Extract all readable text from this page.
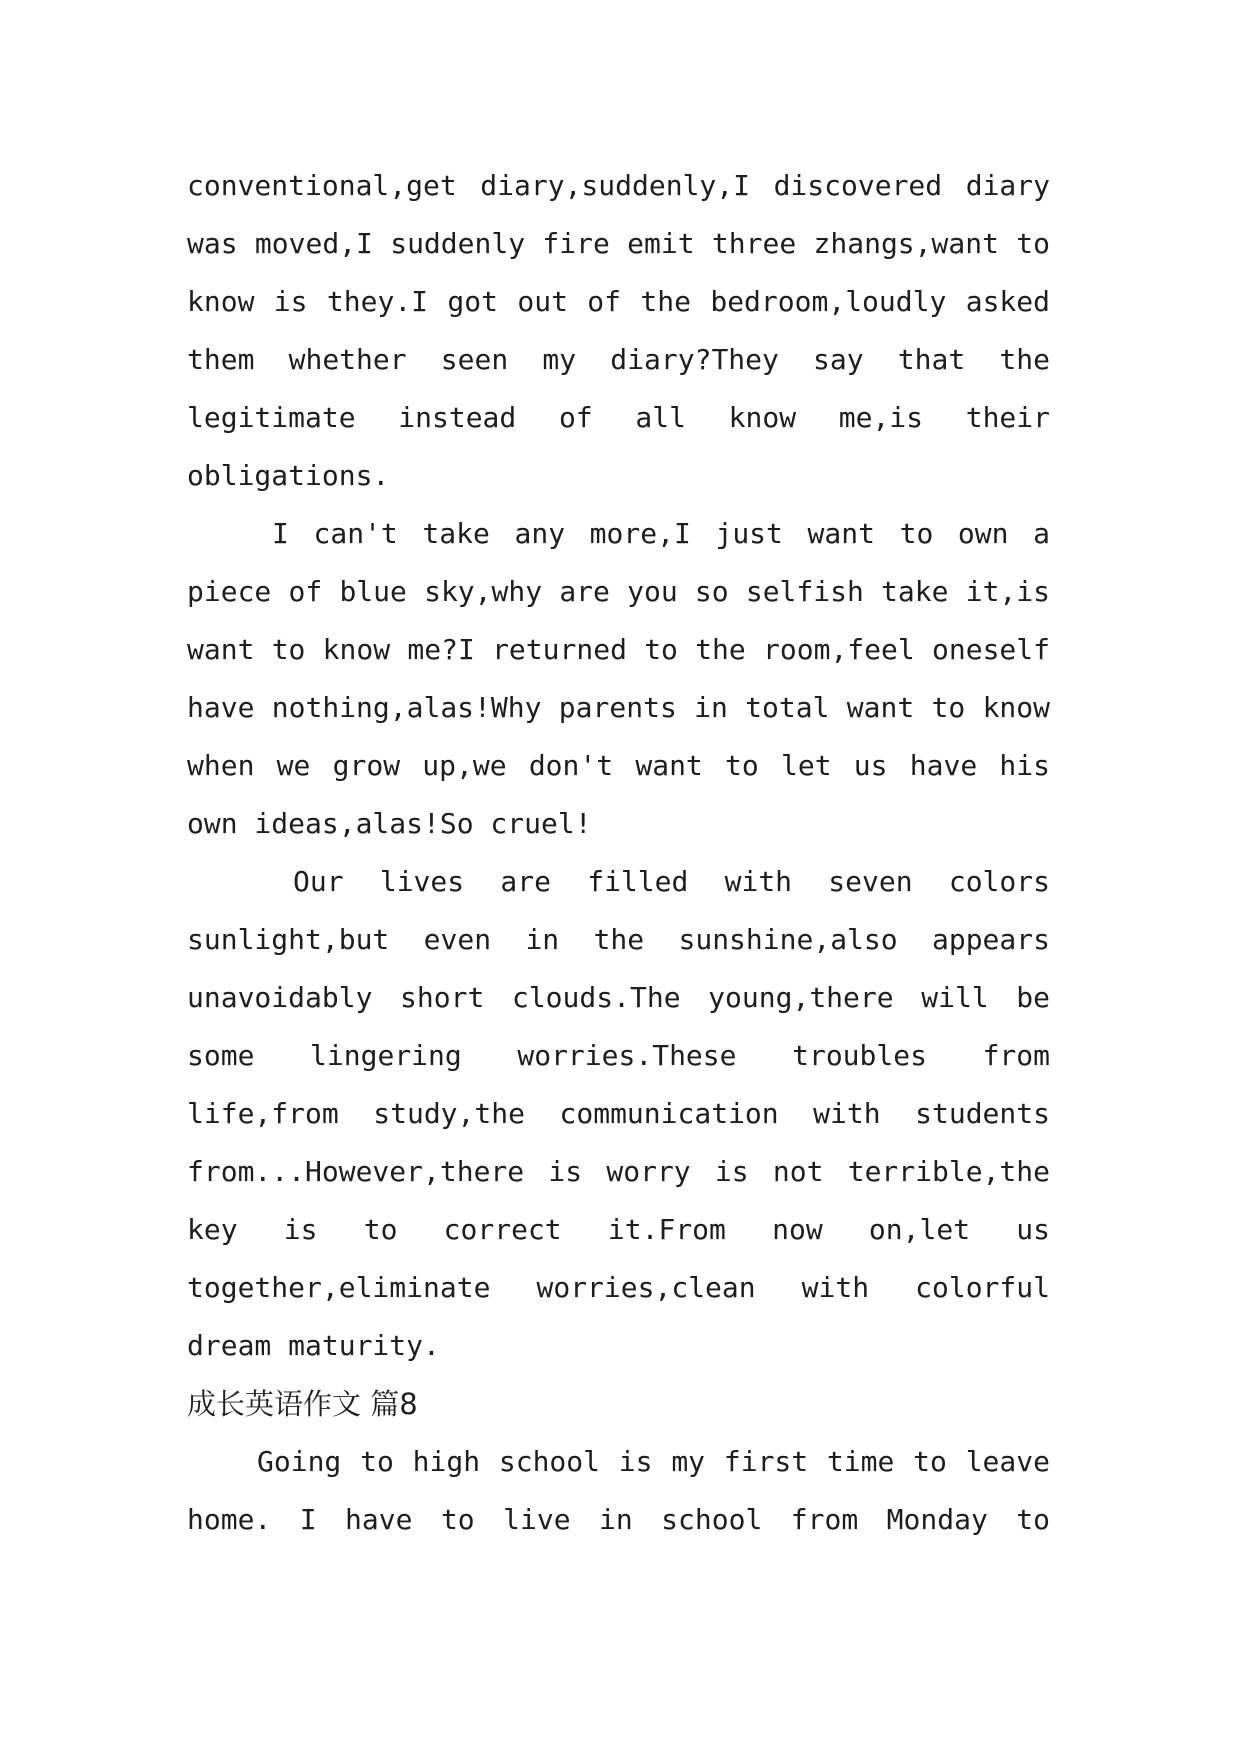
conventional,get diary,suddenly,I discovered diary
was moved,I suddenly fire emit three zhangs,want to
know is they.I got out of the bedroom,loudly asked
them whether seen my diary?They say that the
legitimate instead of all know me,is their
obligations.
I can't take any more,I just want to own a
piece of blue sky,why are you so selfish take it,is
want to know me?I returned to the room,feel oneself
have nothing,alas!Why parents in total want to know
when we grow up,we don't want to let us have his
own ideas,alas!So cruel!
Our lives are filled with seven colors
sunlight,but even in the sunshine,also appears
unavoidably short clouds.The young,there will be
some lingering worries.These troubles from
life,from study,the communication with students
from...However,there is worry is not terrible,the
key is to correct it.From now on,let us
together,eliminate worries,clean with colorful
dream maturity.
成长英语作文 篇8
Going to high school is my first time to leave
home. I have to live in school from Monday to
